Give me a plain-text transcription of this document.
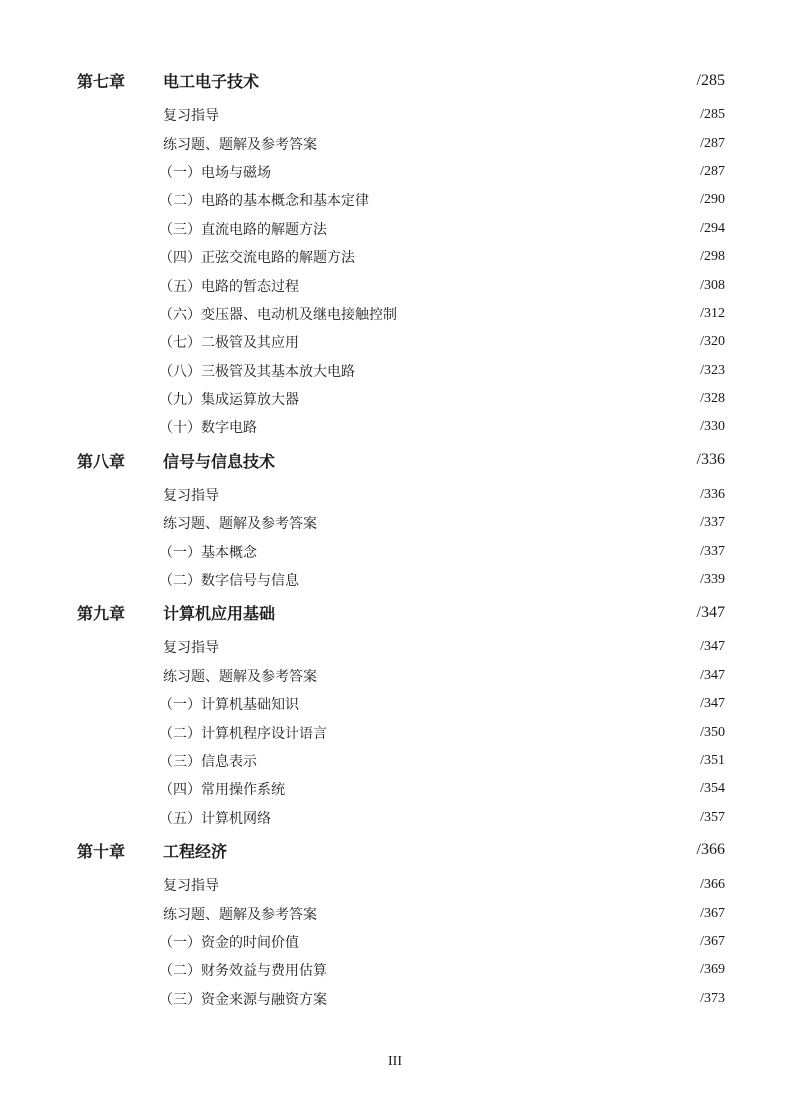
第七章	电工电子技术	/285
复习指导	/285
练习题、题解及参考答案	/287
（一）电场与磁场	/287
（二）电路的基本概念和基本定律	/290
（三）直流电路的解题方法	/294
（四）正弦交流电路的解题方法	/298
（五）电路的暂态过程	/308
（六）变压器、电动机及继电接触控制	/312
（七）二极管及其应用	/320
（八）三极管及其基本放大电路	/323
（九）集成运算放大器	/328
（十）数字电路	/330
第八章	信号与信息技术	/336
复习指导	/336
练习题、题解及参考答案	/337
（一）基本概念	/337
（二）数字信号与信息	/339
第九章	计算机应用基础	/347
复习指导	/347
练习题、题解及参考答案	/347
（一）计算机基础知识	/347
（二）计算机程序设计语言	/350
（三）信息表示	/351
（四）常用操作系统	/354
（五）计算机网络	/357
第十章	工程经济	/366
复习指导	/366
练习题、题解及参考答案	/367
（一）资金的时间价值	/367
（二）财务效益与费用估算	/369
（三）资金来源与融资方案	/373
III
